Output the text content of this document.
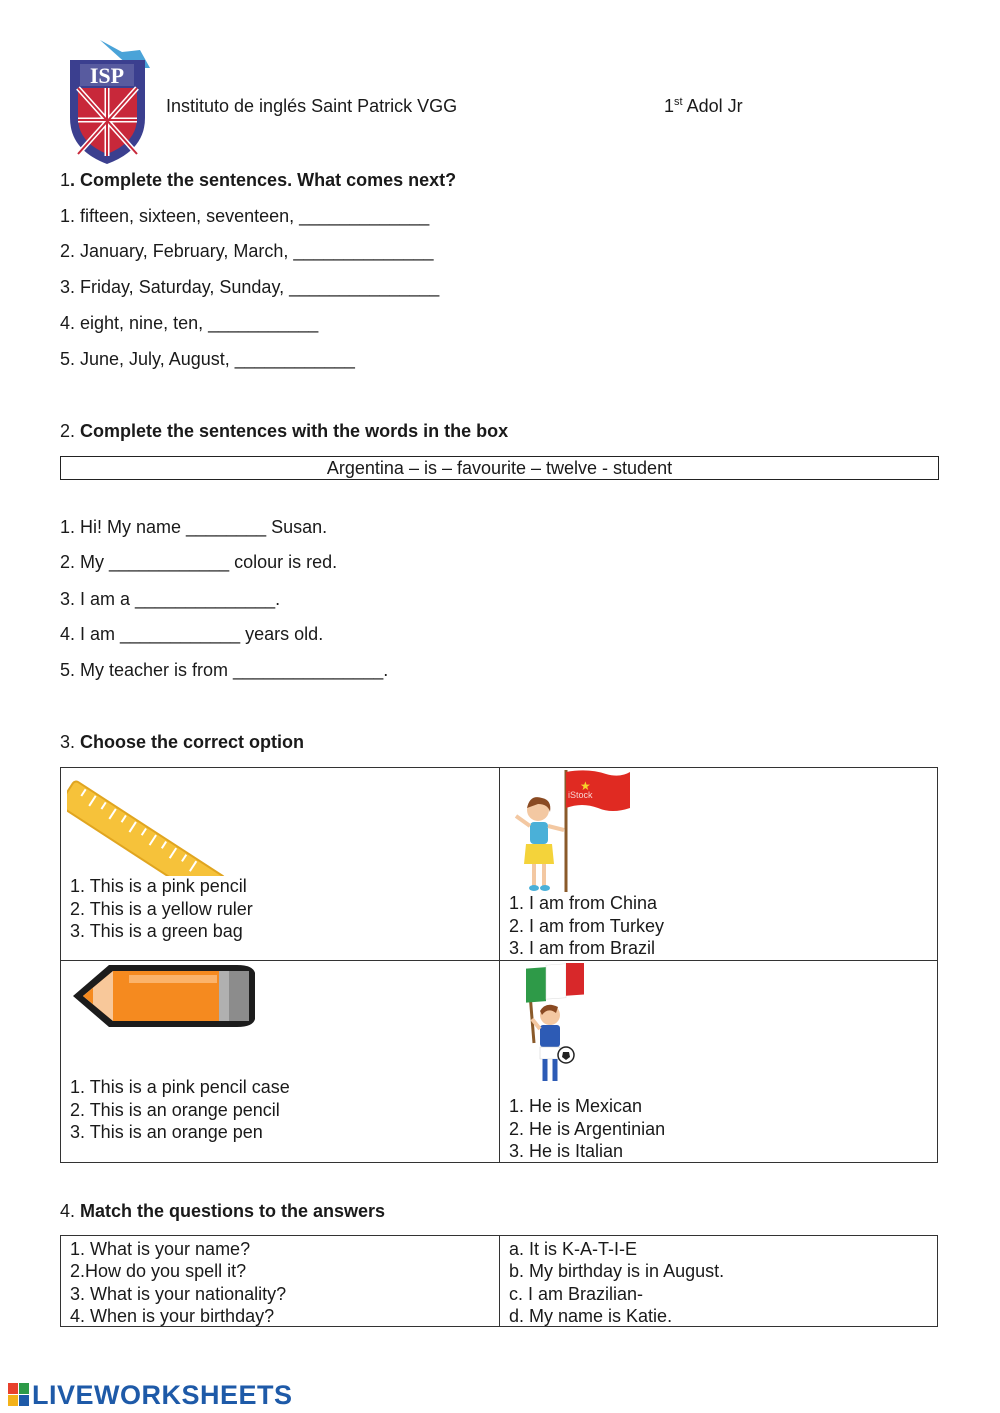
ISP
Instituto de inglés Saint Patrick VGG	1st Adol Jr
1. Complete the sentences. What comes next?
1. fifteen, sixteen, seventeen, _____________
2. January, February, March, ______________
3. Friday, Saturday, Sunday, _______________
4. eight, nine, ten, ___________
5. June, July, August, ____________
2. Complete the sentences with the words in the box
Argentina – is – favourite – twelve - student
1. Hi! My name ________ Susan.
2. My ____________ colour is red.
3. I am a ______________.
4. I am ____________ years old.
5. My teacher is from _______________.
3. Choose the correct option
1. This is a pink pencil
2. This is a yellow ruler
3. This is a green bag
★
iStock
1. I am from China
2. I am from Turkey
3. I am from Brazil
1. This is a pink pencil case
2. This is an orange pencil
3. This is an orange pen
1. He is Mexican
2. He is Argentinian
3. He is Italian
4. Match the questions to the answers
1. What is your name?
2.How do you spell it?
3. What is your nationality?
4. When is your birthday?
a. It is K-A-T-I-E
b. My birthday is in August.
c. I am Brazilian-
d. My name is Katie.
LIVEWORKSHEETS
